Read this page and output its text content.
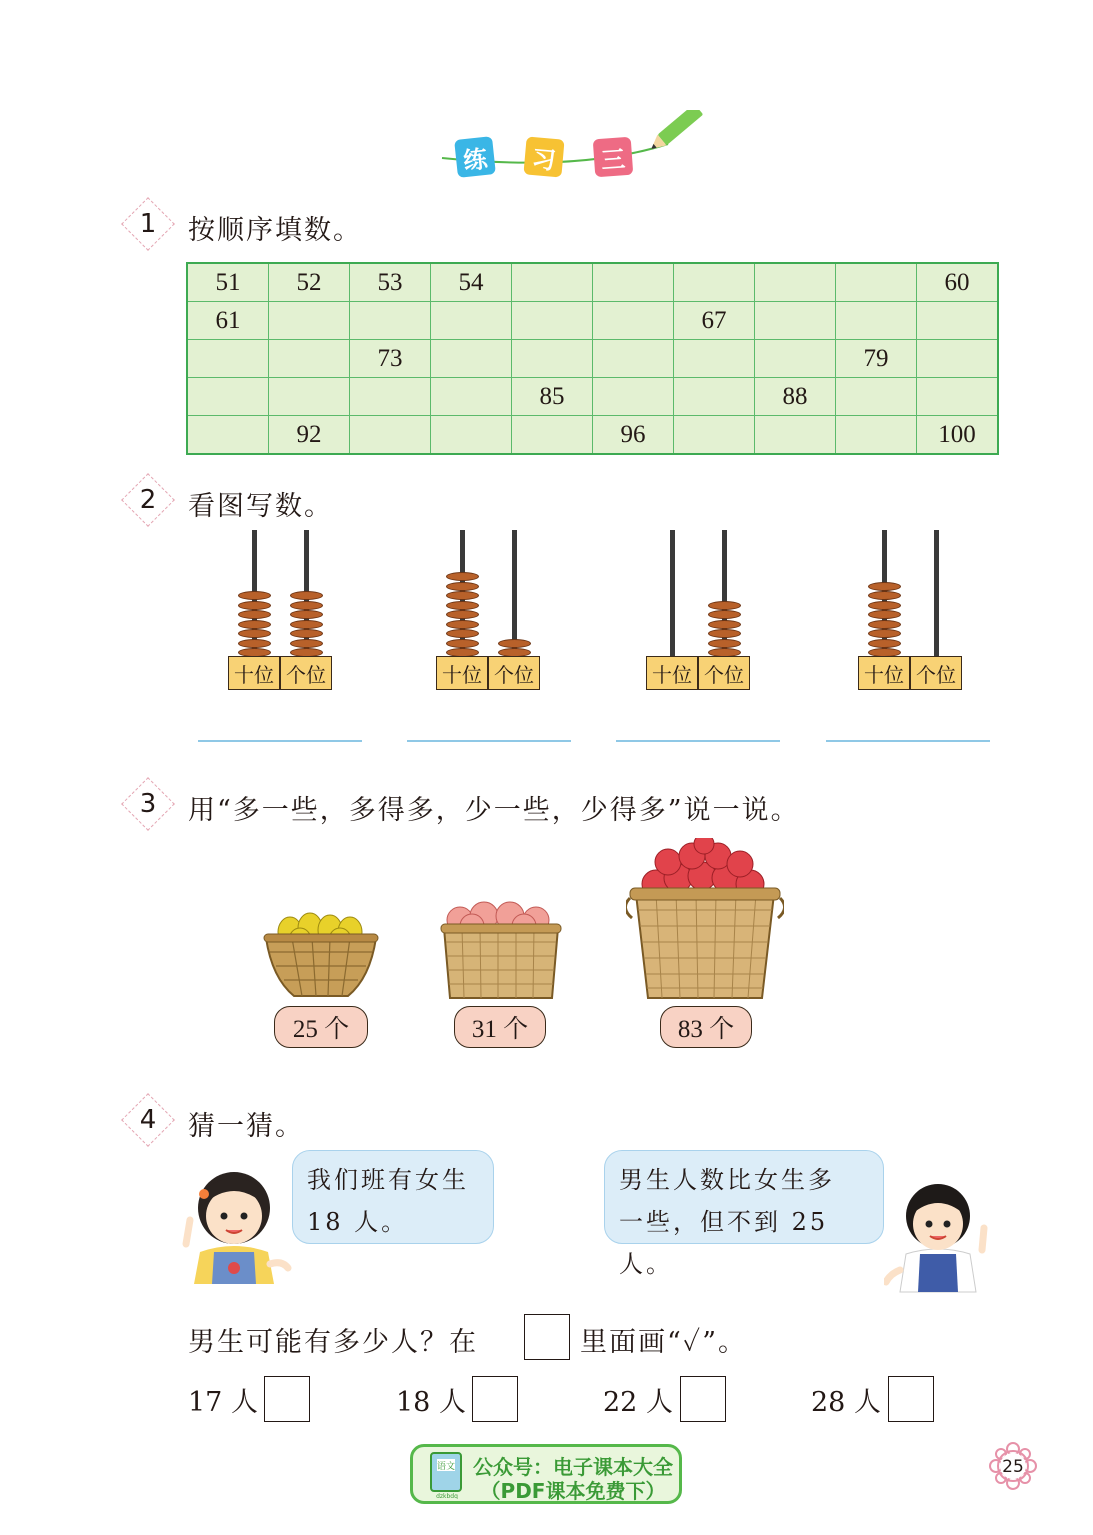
练	习	三
1	按顺序填数。
51	52	53	54						60
61						67			
		73						79	
				85			88		
	92				96				100
2	看图写数。
十位 个位	十位 个位	十位 个位	十位 个位
3	用“多一些，多得多，少一些，少得多”说一说。
25 个	31 个	83 个
4	猜一猜。
我们班有女生
18 人。
男生人数比女生多
一些，但不到 25 人。
男生可能有多少人？在	里面画“✓”。
17 人	18 人	22 人	28 人
语文
dzkbdq
公众号：电子课本大全
（PDF课本免费下）
25
